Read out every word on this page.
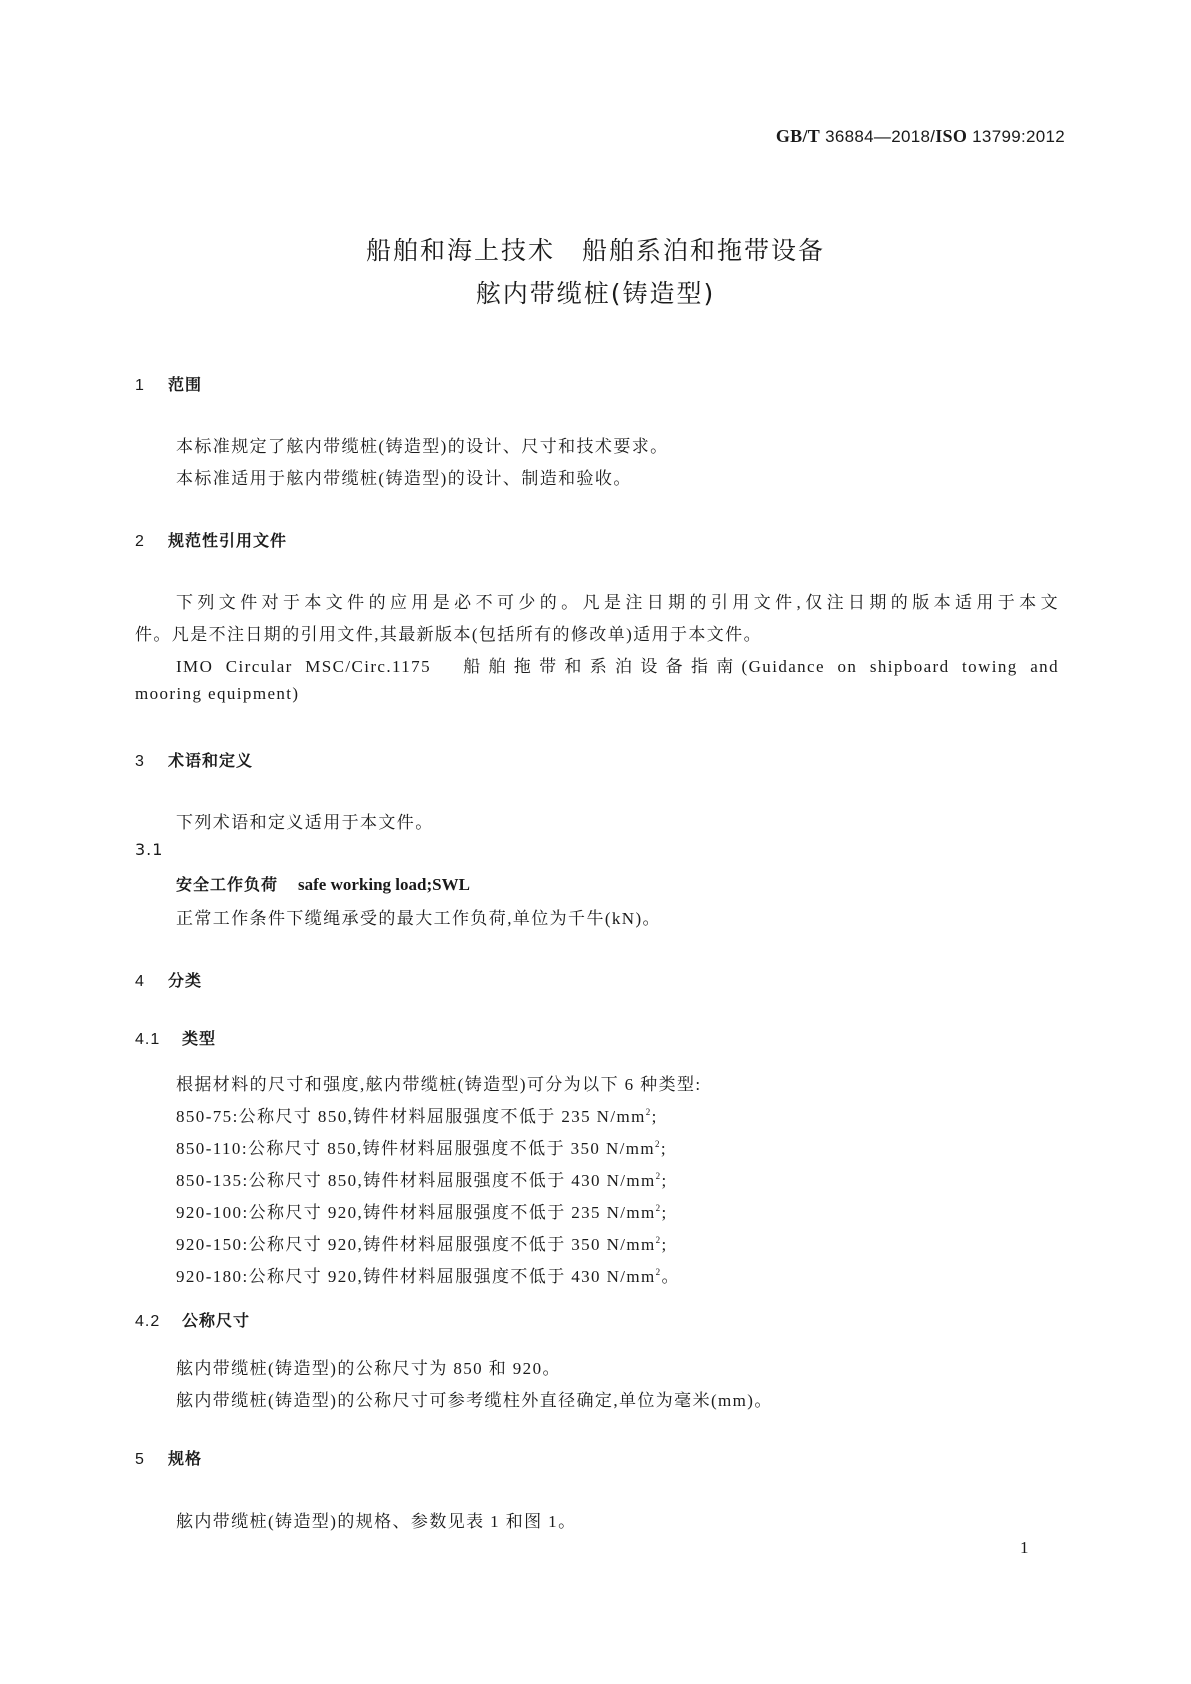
GB/T 36884—2018/ISO 13799:2012
船舶和海上技术　船舶系泊和拖带设备
舷内带缆桩(铸造型)
1 范围
本标准规定了舷内带缆桩(铸造型)的设计、尺寸和技术要求。
本标准适用于舷内带缆桩(铸造型)的设计、制造和验收。
2 规范性引用文件
下列文件对于本文件的应用是必不可少的。凡是注日期的引用文件,仅注日期的版本适用于本文
件。凡是不注日期的引用文件,其最新版本(包括所有的修改单)适用于本文件。
IMO Circular MSC/Circ.1175　船舶拖带和系泊设备指南(Guidance on shipboard towing and
mooring equipment)
3 术语和定义
下列术语和定义适用于本文件。
3.1
安全工作负荷 safe working load;SWL
正常工作条件下缆绳承受的最大工作负荷,单位为千牛(kN)。
4 分类
4.1 类型
根据材料的尺寸和强度,舷内带缆桩(铸造型)可分为以下 6 种类型:
850-75:公称尺寸 850,铸件材料屈服强度不低于 235 $N/mm^2$;
850-110:公称尺寸 850,铸件材料屈服强度不低于 350 $N/mm^2$;
850-135:公称尺寸 850,铸件材料屈服强度不低于 430 $N/mm^2$;
920-100:公称尺寸 920,铸件材料屈服强度不低于 235 $N/mm^2$;
920-150:公称尺寸 920,铸件材料屈服强度不低于 350 $N/mm^2$;
920-180:公称尺寸 920,铸件材料屈服强度不低于 430 $N/mm^2$。
4.2 公称尺寸
舷内带缆桩(铸造型)的公称尺寸为 850 和 920。
舷内带缆桩(铸造型)的公称尺寸可参考缆柱外直径确定,单位为毫米(mm)。
5 规格
舷内带缆桩(铸造型)的规格、参数见表 1 和图 1。
1
